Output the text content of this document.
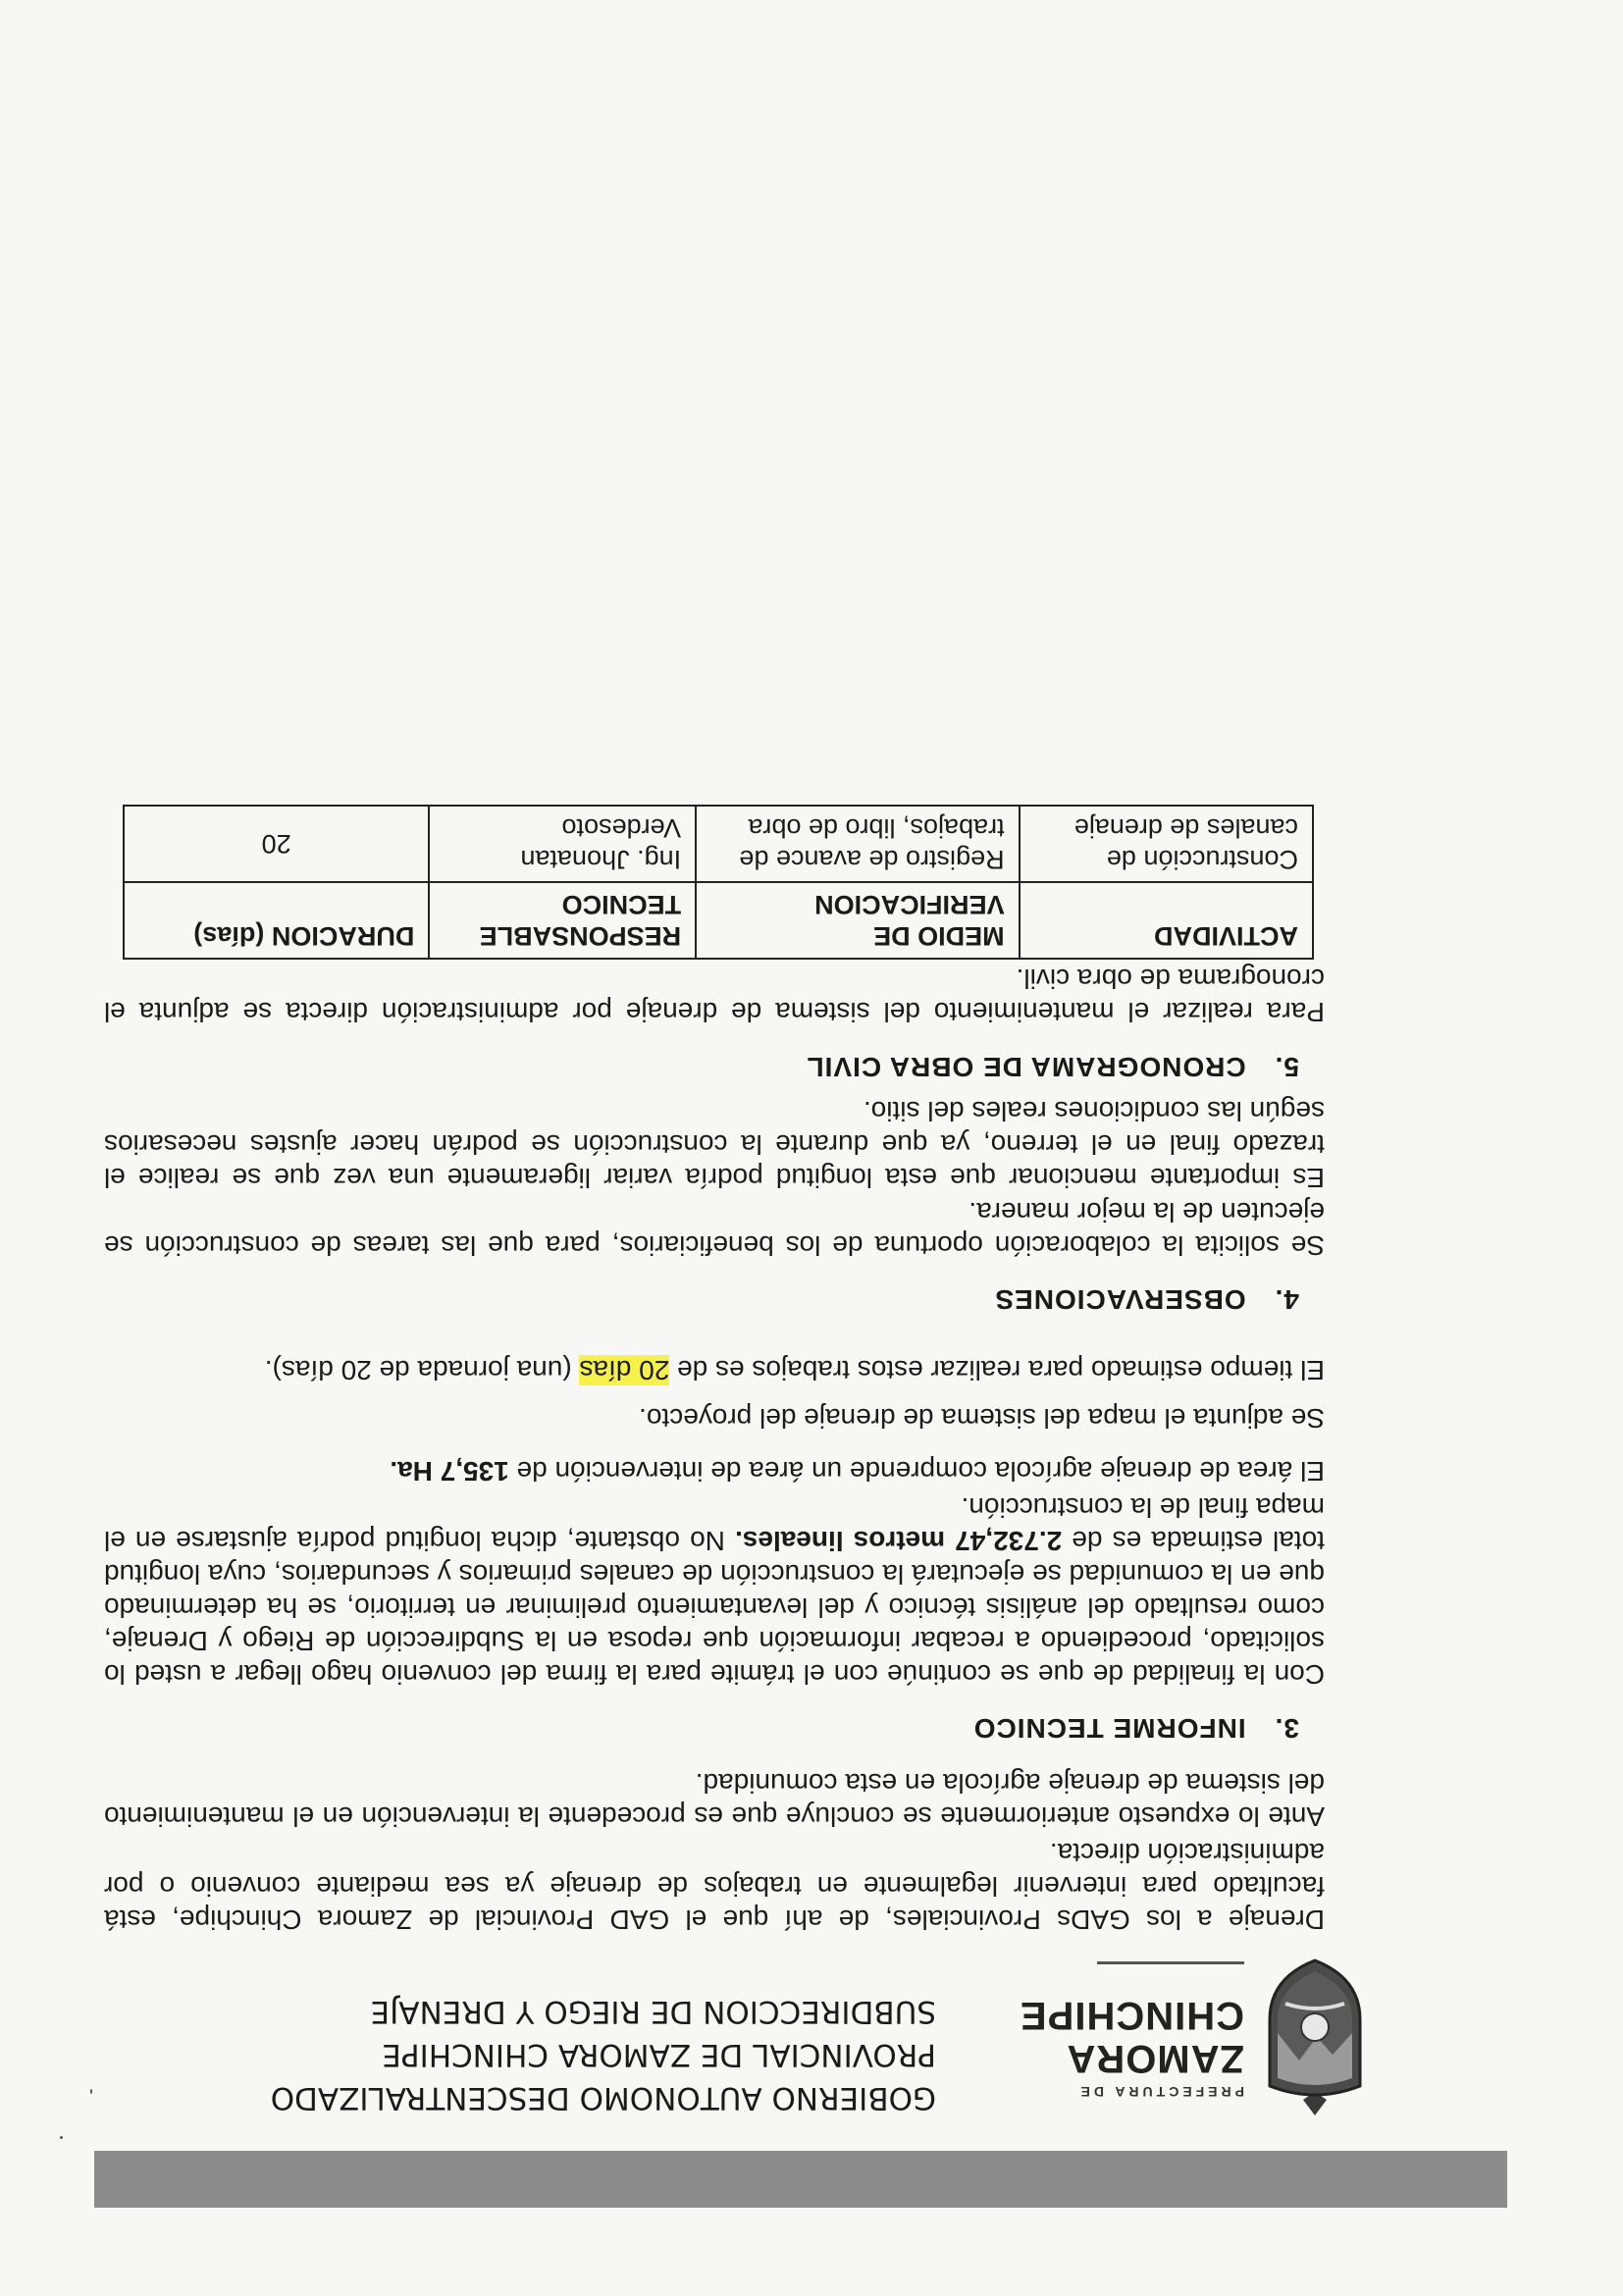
PREFECTURA DE
ZAMORA
CHINCHIPE
GOBIERNO AUTONOMO DESCENTRALIZADO
PROVINCIAL DE ZAMORA CHINCHIPE
SUBDIRECCION DE RIEGO Y DRENAJE

Drenaje a los GADs Provinciales, de ahí que el GAD Provincial de Zamora Chinchipe, está facultado para intervenir legalmente en trabajos de drenaje ya sea mediante convenio o por administración directa.

Ante lo expuesto anteriormente se concluye que es procedente la intervención en el mantenimiento del sistema de drenaje agrícola en esta comunidad.

3. INFORME TECNICO

Con la finalidad de que se continúe con el trámite para la firma del convenio hago llegar a usted lo solicitado, procediendo a recabar información que reposa en la Subdirección de Riego y Drenaje, como resultado del análisis técnico y del levantamiento preliminar en territorio, se ha determinado que en la comunidad se ejecutará la construcción de canales primarios y secundarios, cuya longitud total estimada es de 2.732,47 metros lineales. No obstante, dicha longitud podría ajustarse en el mapa final de la construcción.

El área de drenaje agrícola comprende un área de intervención de 135,7 Ha.

Se adjunta el mapa del sistema de drenaje del proyecto.

El tiempo estimado para realizar estos trabajos es de 20 días (una jornada de 20 días).

4. OBSERVACIONES

Se solicita la colaboración oportuna de los beneficiarios, para que las tareas de construcción se ejecuten de la mejor manera.

Es importante mencionar que esta longitud podría variar ligeramente una vez que se realice el trazado final en el terreno, ya que durante la construcción se podrán hacer ajustes necesarios según las condiciones reales del sitio.

5. CRONOGRAMA DE OBRA CIVIL

Para realizar el mantenimiento del sistema de drenaje por administración directa se adjunta el cronograma de obra civil.

ACTIVIDAD	MEDIO DE VERIFICACION	RESPONSABLE TECNICO	DURACION (días)
Construcción de canales de drenaje	Registro de avance de trabajos, libro de obra	Ing. Jhonatan Verdesoto	20
